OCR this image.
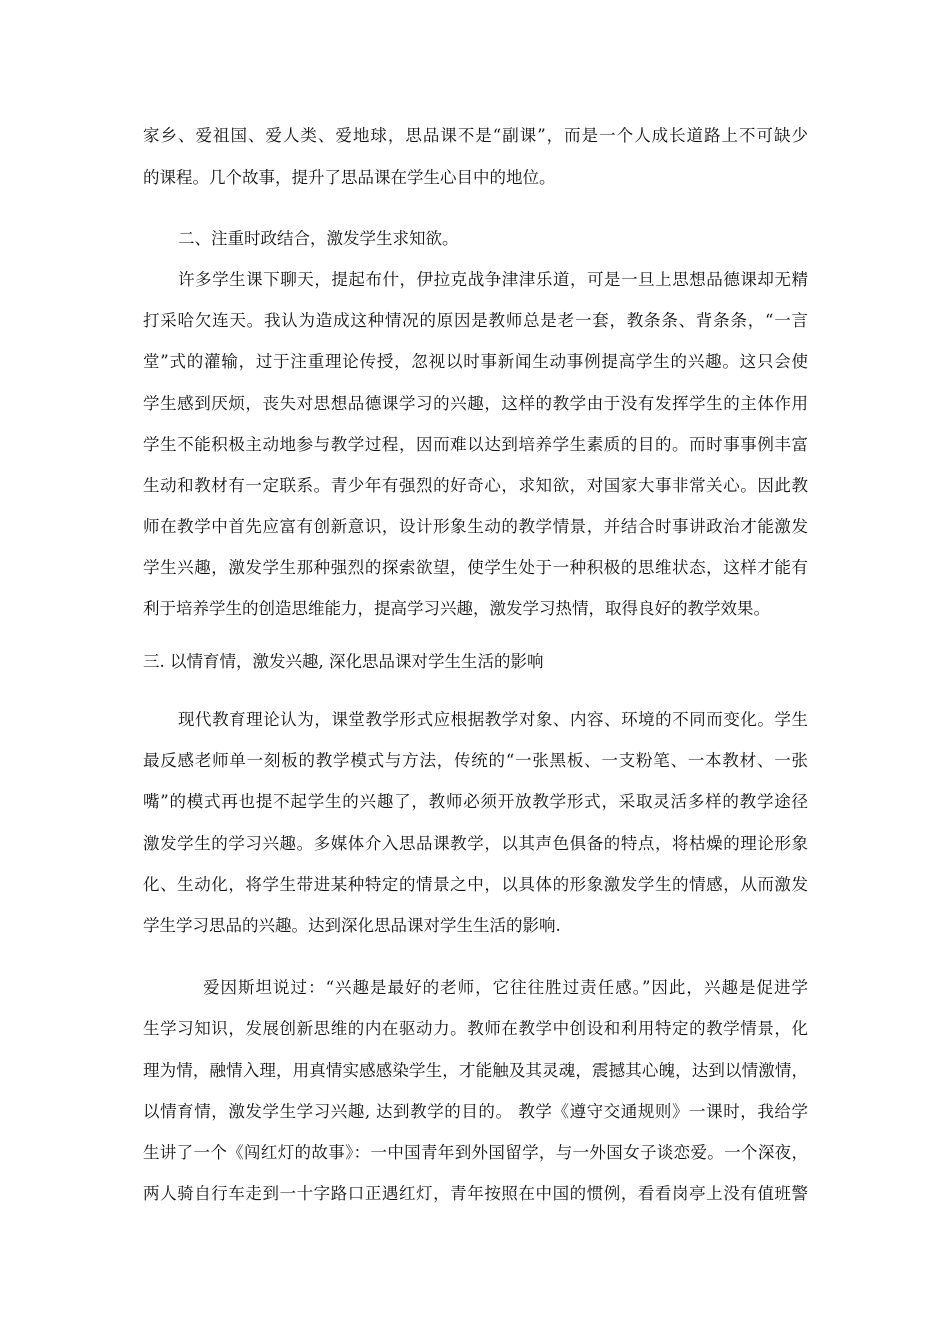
家乡、爱祖国、爱人类、爱地球，思品课不是“副课”，而是一个人成长道路上不可缺少
的课程。几个故事，提升了思品课在学生心目中的地位。
二、注重时政结合，激发学生求知欲。
许多学生课下聊天，提起布什，伊拉克战争津津乐道，可是一旦上思想品德课却无精
打采哈欠连天。我认为造成这种情况的原因是教师总是老一套，教条条、背条条，“一言
堂”式的灌输，过于注重理论传授，忽视以时事新闻生动事例提高学生的兴趣。这只会使
学生感到厌烦，丧失对思想品德课学习的兴趣，这样的教学由于没有发挥学生的主体作用
学生不能积极主动地参与教学过程，因而难以达到培养学生素质的目的。而时事事例丰富
生动和教材有一定联系。青少年有强烈的好奇心，求知欲，对国家大事非常关心。因此教
师在教学中首先应富有创新意识，设计形象生动的教学情景，并结合时事讲政治才能激发
学生兴趣，激发学生那种强烈的探索欲望，使学生处于一种积极的思维状态，这样才能有
利于培养学生的创造思维能力，提高学习兴趣，激发学习热情，取得良好的教学效果。
三. 以情育情，激发兴趣, 深化思品课对学生生活的影响
现代教育理论认为，课堂教学形式应根据教学对象、内容、环境的不同而变化。学生
最反感老师单一刻板的教学模式与方法，传统的“一张黑板、一支粉笔、一本教材、一张
嘴”的模式再也提不起学生的兴趣了，教师必须开放教学形式，采取灵活多样的教学途径
激发学生的学习兴趣。多媒体介入思品课教学，以其声色俱备的特点，将枯燥的理论形象
化、生动化，将学生带进某种特定的情景之中，以具体的形象激发学生的情感，从而激发
学生学习思品的兴趣。达到深化思品课对学生生活的影响.
爱因斯坦说过：“兴趣是最好的老师，它往往胜过责任感。”因此，兴趣是促进学
生学习知识，发展创新思维的内在驱动力。教师在教学中创设和利用特定的教学情景，化
理为情，融情入理，用真情实感感染学生，才能触及其灵魂，震撼其心魄，达到以情激情，
以情育情，激发学生学习兴趣, 达到教学的目的。 教学《遵守交通规则》一课时，我给学
生讲了一个《闯红灯的故事》：一中国青年到外国留学，与一外国女子谈恋爱。一个深夜，
两人骑自行车走到一十字路口正遇红灯，青年按照在中国的惯例，看看岗亭上没有值班警
